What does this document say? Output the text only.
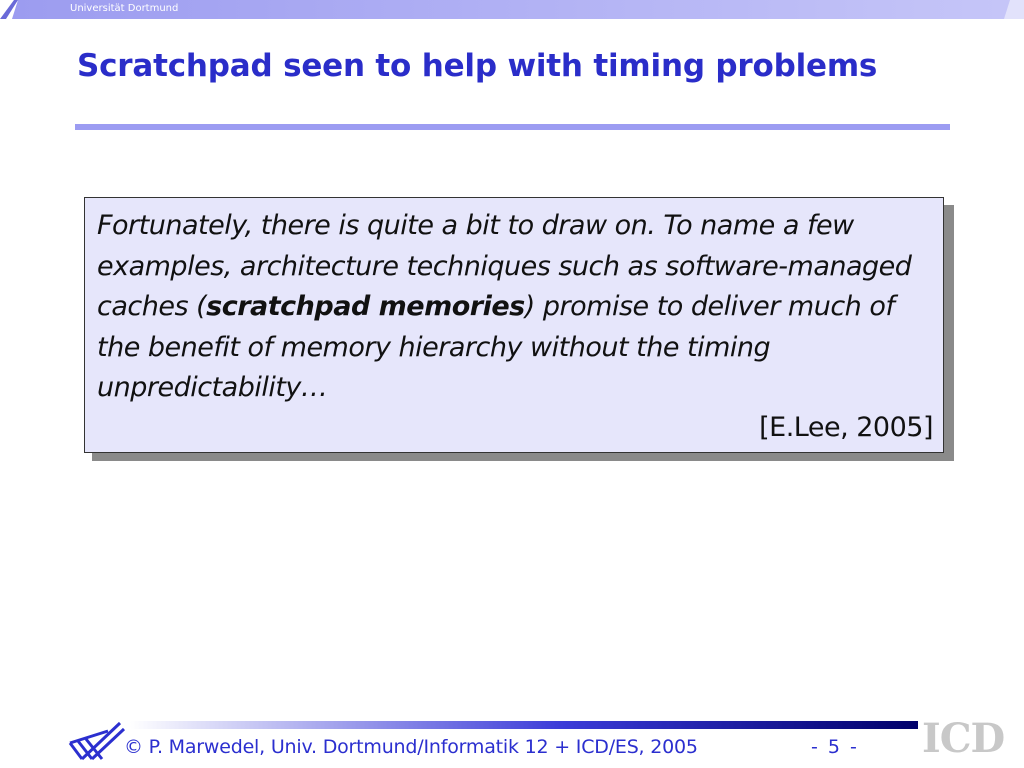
Universität Dortmund
Scratchpad seen to help with timing problems
Fortunately, there is quite a bit to draw on. To name a few examples, architecture techniques such as software-managed caches (scratchpad memories) promise to deliver much of the benefit of memory hierarchy without the timing unpredictability…
[E.Lee, 2005]
© P. Marwedel, Univ. Dortmund/Informatik 12 + ICD/ES, 2005	- 5 - ICD
